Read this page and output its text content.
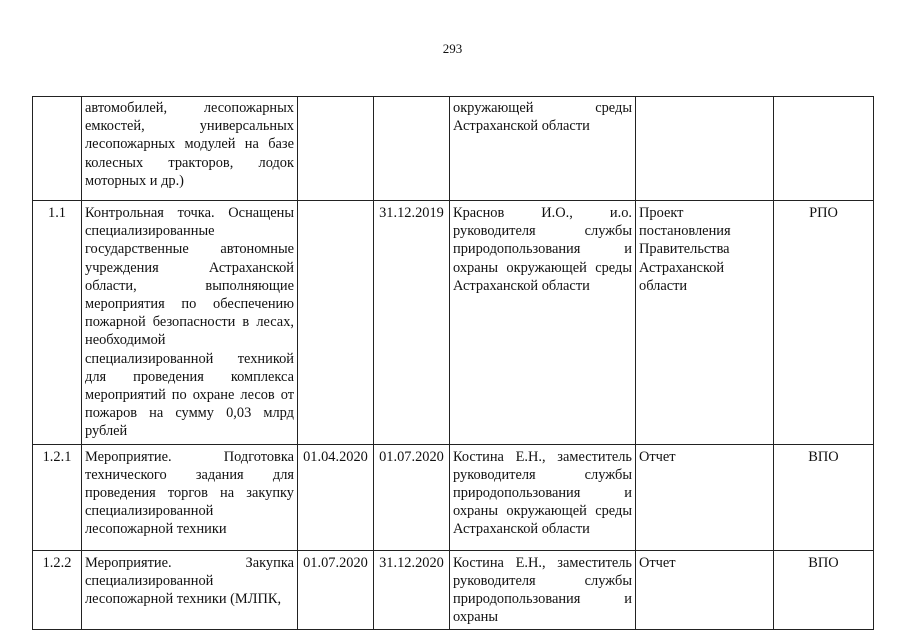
293
	автомобилей, лесопожарных емкостей, универсальных лесопожарных модулей на базе колесных тракторов, лодок моторных и др.)			окружающей среды Астраханской области		
1.1	Контрольная точка. Оснащены специализированные государственные автономные учреждения Астраханской области, выполняющие мероприятия по обеспечению пожарной безопасности в лесах, необходимой специализированной техникой для проведения комплекса мероприятий по охране лесов от пожаров на сумму 0,03 млрд рублей		31.12.2019	Краснов И.О., и.о. руководителя службы природопользования и охраны окружающей среды Астраханской области	Проект постановления Правительства Астраханской области	РПО
1.2.1	Мероприятие. Подготовка технического задания для проведения торгов на закупку специализированной лесопожарной техники	01.04.2020	01.07.2020	Костина Е.Н., заместитель руководителя службы природопользования и охраны окружающей среды Астраханской области	Отчет	ВПО
1.2.2	Мероприятие. Закупка специализированной лесопожарной техники (МЛПК,	01.07.2020	31.12.2020	Костина Е.Н., заместитель руководителя службы природопользования и охраны	Отчет	ВПО
